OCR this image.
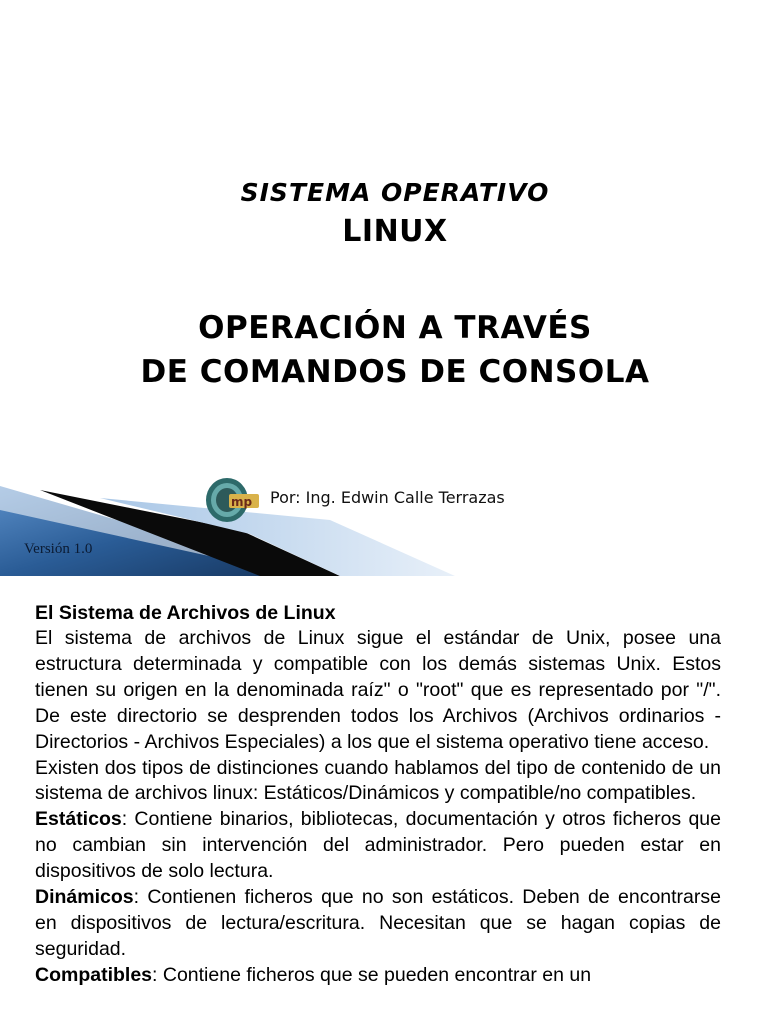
SISTEMA OPERATIVO
LINUX
OPERACIÓN A TRAVÉS
DE COMANDOS DE CONSOLA
Versión 1.0
mp Por: Ing. Edwin Calle Terrazas
El Sistema de Archivos de Linux

El sistema de archivos de Linux sigue el estándar de Unix, posee una estructura determinada y compatible con los demás sistemas Unix. Estos tienen su origen en la denominada raíz" o "root" que es representado por "/". De este directorio se desprenden todos los Archivos (Archivos ordinarios - Directorios - Archivos Especiales) a los que el sistema operativo tiene acceso.

Existen dos tipos de distinciones cuando hablamos del tipo de contenido de un sistema de archivos linux: Estáticos/Dinámicos y compatible/no compatibles.

Estáticos: Contiene binarios, bibliotecas, documentación y otros ficheros que no cambian sin intervención del administrador. Pero pueden estar en dispositivos de solo lectura.

Dinámicos: Contienen ficheros que no son estáticos. Deben de encontrarse en dispositivos de lectura/escritura. Necesitan que se hagan copias de seguridad.

Compatibles: Contiene ficheros que se pueden encontrar en un
